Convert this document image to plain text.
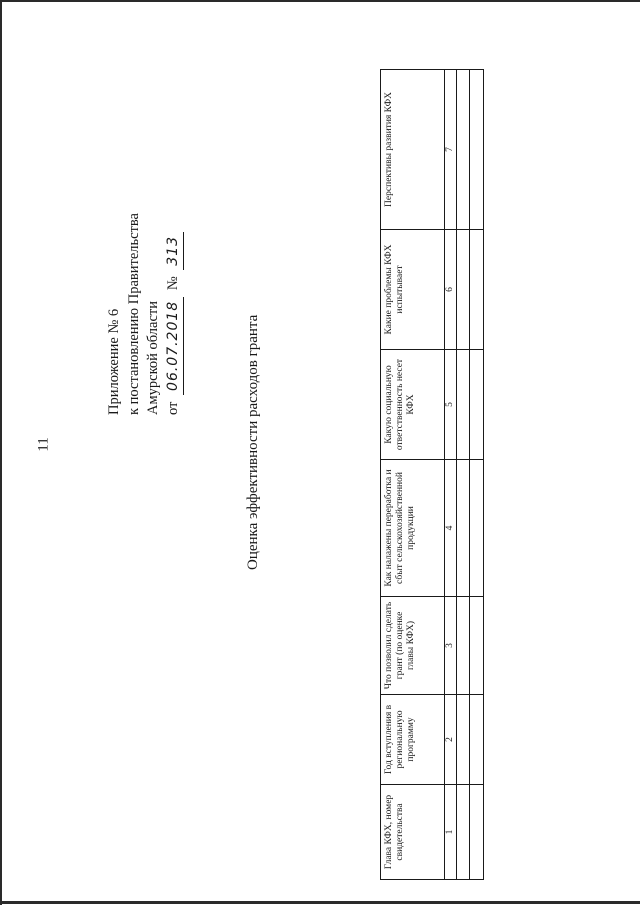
11
Приложение № 6 к постановлению Правительства Амурской области от 06.07.2018 № 313
Оценка эффективности расходов гранта
Глава КФХ, номер свидетельства	Год вступления в региональную программу	Что позволил сделать грант (по оценке главы КФХ)	Как налажены переработка и сбыт сельскохозяйственной продукции	Какую социальную ответственность несет КФХ	Какие проблемы КФХ испытывает	Перспективы развития КФХ
1	2	3	4	5	6	7
